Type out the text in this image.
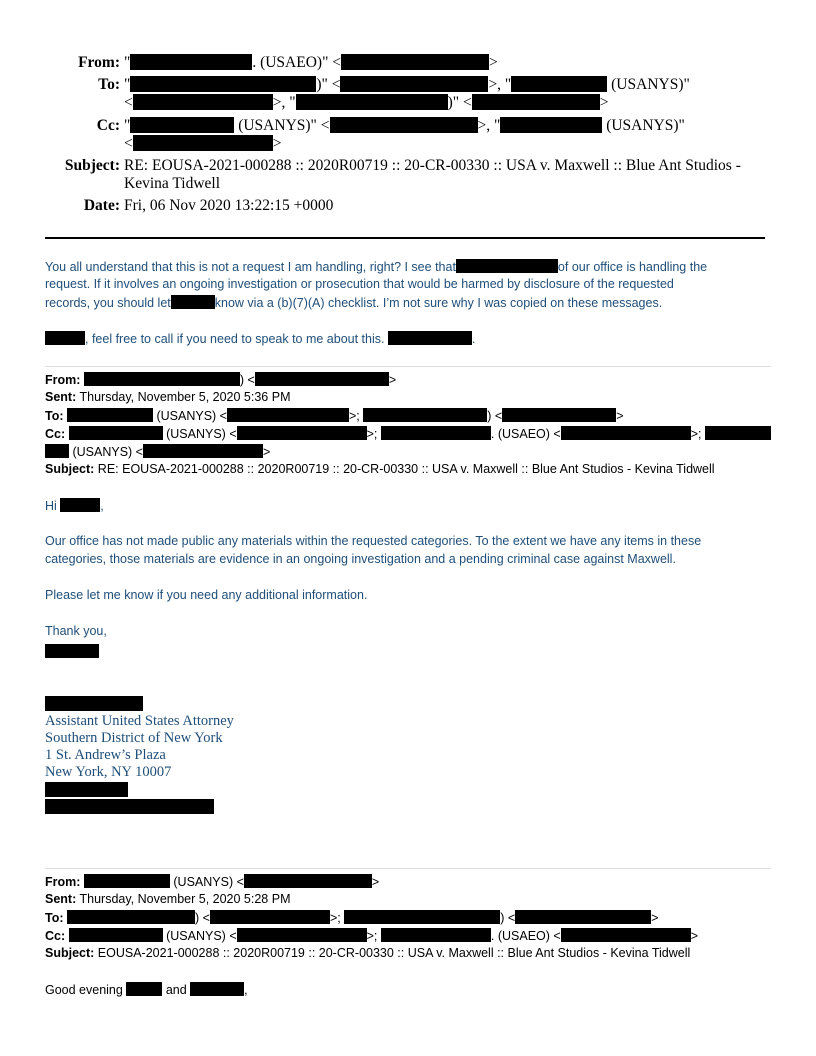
From: "	. (USAEO)" <	>
To: "	)" <	>, "	(USANYS)"
<	>, "	)" <	>
Cc: "	(USANYS)" <	>, "	(USANYS)"
<	>
Subject: RE: EOUSA-2021-000288 :: 2020R00719 :: 20-CR-00330 :: USA v. Maxwell :: Blue Ant Studios -
Kevina Tidwell
Date: Fri, 06 Nov 2020 13:22:15 +0000
You all understand that this is not a request I am handling, right? I see that	of our office is handling the
request. If it involves an ongoing investigation or prosecution that would be harmed by disclosure of the requested
records, you should let	know via a (b)(7)(A) checklist. I’m not sure why I was copied on these messages.
, feel free to call if you need to speak to me about this.	.
From:	) <	>
Sent: Thursday, November 5, 2020 5:36 PM
To:	(USANYS) <	>;	) <	>
Cc:	(USANYS) <	>;	. (USAEO) <	>;
(USANYS) <	>
Subject: RE: EOUSA-2021-000288 :: 2020R00719 :: 20-CR-00330 :: USA v. Maxwell :: Blue Ant Studios - Kevina Tidwell
Hi	,
Our office has not made public any materials within the requested categories. To the extent we have any items in these
categories, those materials are evidence in an ongoing investigation and a pending criminal case against Maxwell.
Please let me know if you need any additional information.
Thank you,
Assistant United States Attorney
Southern District of New York
1 St. Andrew’s Plaza
New York, NY 10007
From:	(USANYS) <	>
Sent: Thursday, November 5, 2020 5:28 PM
To:	) <	>;	) <	>
Cc:	(USANYS) <	>;	. (USAEO) <	>
Subject: EOUSA-2021-000288 :: 2020R00719 :: 20-CR-00330 :: USA v. Maxwell :: Blue Ant Studios - Kevina Tidwell
Good evening	and	,
